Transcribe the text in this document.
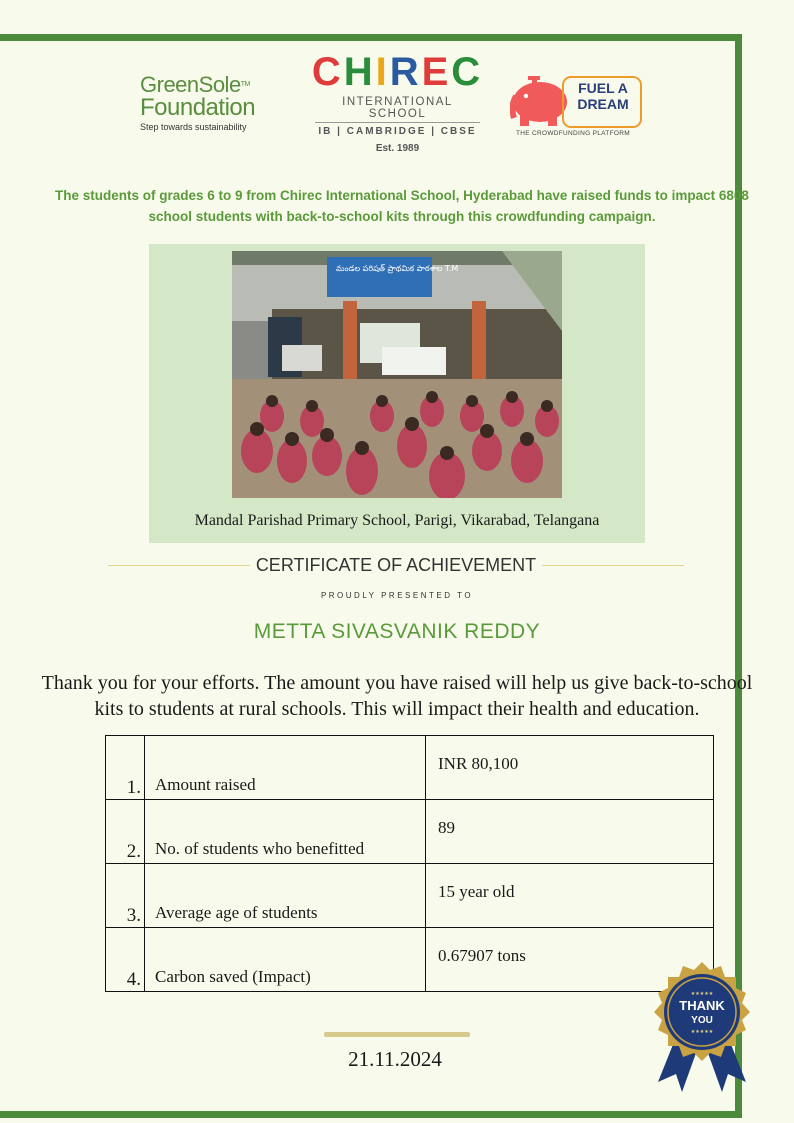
GreenSole™
Foundation
Step towards sustainability
CHIREC
INTERNATIONAL SCHOOL
IB | CAMBRIDGE | CBSE
Est. 1989
FUEL A
DREAM
THE CROWDFUNDING PLATFORM
The students of grades 6 to 9 from Chirec International School, Hyderabad have raised funds to impact 6808 school students with back-to-school kits through this crowdfunding campaign.
మండల పరిషత్ ప్రాథమిక పాఠశాల T.M
Mandal Parishad Primary School, Parigi, Vikarabad, Telangana
CERTIFICATE OF ACHIEVEMENT
PROUDLY PRESENTED TO
METTA SIVASVANIK REDDY
Thank you for your efforts. The amount you have raised will help us give back-to-school kits to students at rural schools. This will impact their health and education.
1.	Amount raised	INR 80,100
2.	No. of students who benefitted	89
3.	Average age of students	15 year old
4.	Carbon saved (Impact)	0.67907 tons
★★★★★
THANK
YOU
★★★★★
21.11.2024
